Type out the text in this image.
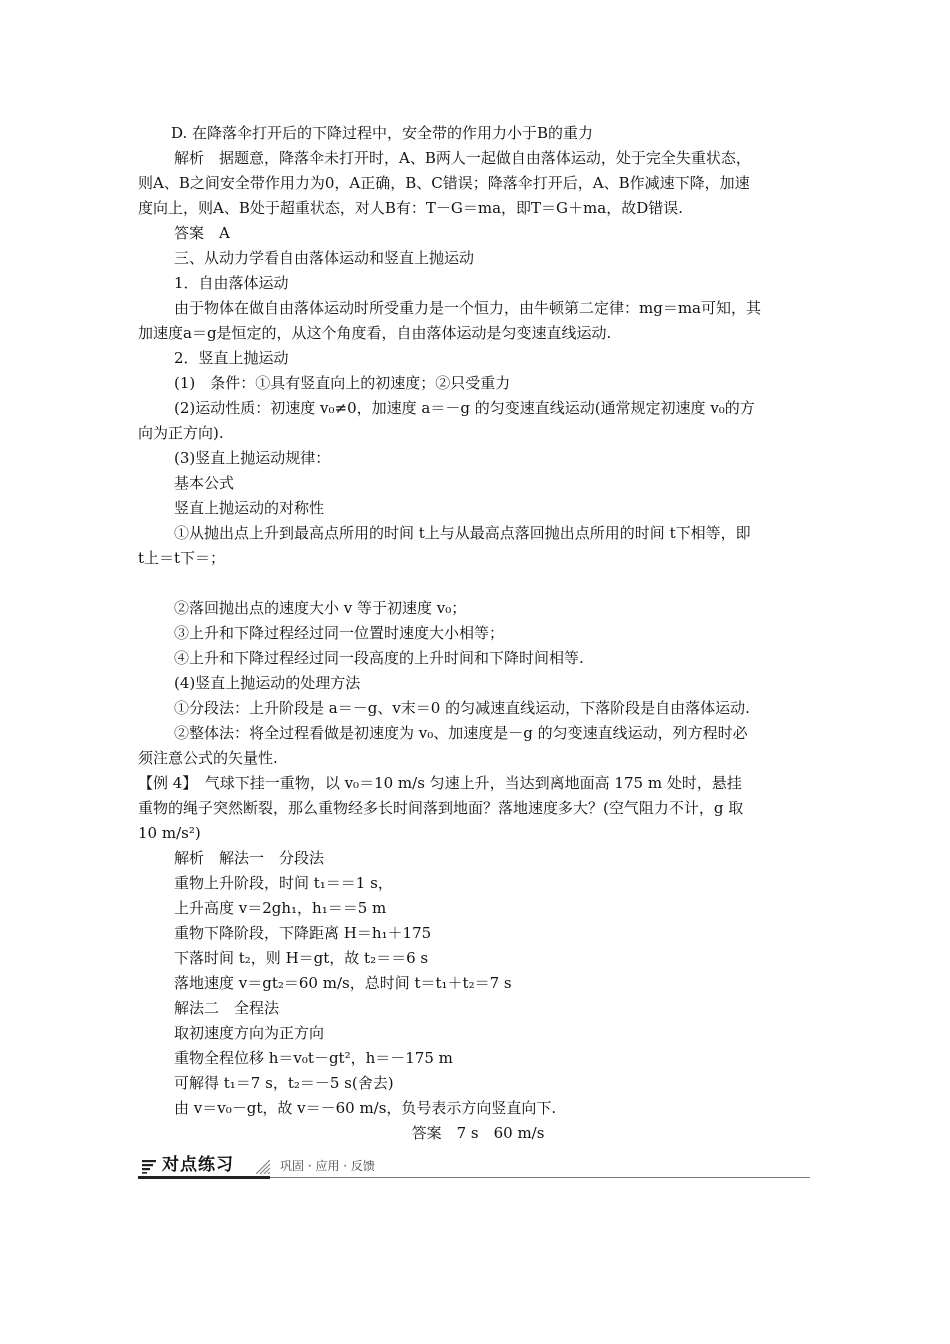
D. 在降落伞打开后的下降过程中，安全带的作用力小于B的重力
解析　据题意，降落伞未打开时，A、B两人一起做自由落体运动，处于完全失重状态，
则A、B之间安全带作用力为0，A正确，B、C错误；降落伞打开后，A、B作减速下降，加速
度向上，则A、B处于超重状态，对人B有：T－G＝ma，即T＝G＋ma，故D错误.
答案　A
三、从动力学看自由落体运动和竖直上抛运动
1．自由落体运动
由于物体在做自由落体运动时所受重力是一个恒力，由牛顿第二定律：mg＝ma可知，其
加速度a＝g是恒定的，从这个角度看，自由落体运动是匀变速直线运动.
2．竖直上抛运动
(1)　条件：①具有竖直向上的初速度；②只受重力
(2)运动性质：初速度 v₀≠0，加速度 a＝－g 的匀变速直线运动(通常规定初速度 v₀的方
向为正方向).
(3)竖直上抛运动规律：
基本公式
竖直上抛运动的对称性
①从抛出点上升到最高点所用的时间 t上与从最高点落回抛出点所用的时间 t下相等，即
t上＝t下＝；
②落回抛出点的速度大小 v 等于初速度 v₀；
③上升和下降过程经过同一位置时速度大小相等；
④上升和下降过程经过同一段高度的上升时间和下降时间相等.
(4)竖直上抛运动的处理方法
①分段法：上升阶段是 a＝－g、v末＝0 的匀减速直线运动，下落阶段是自由落体运动.
②整体法：将全过程看做是初速度为 v₀、加速度是－g 的匀变速直线运动，列方程时必
须注意公式的矢量性.
【例 4】　气球下挂一重物，以 v₀＝10 m/s 匀速上升，当达到离地面高 175 m 处时，悬挂
重物的绳子突然断裂，那么重物经多长时间落到地面？落地速度多大？(空气阻力不计，g 取
10 m/s²)
解析　解法一　分段法
重物上升阶段，时间 t₁＝＝1 s，
上升高度 v＝2gh₁，h₁＝＝5 m
重物下降阶段，下降距离 H＝h₁＋175
下落时间 t₂，则 H＝gt，故 t₂＝＝6 s
落地速度 v＝gt₂＝60 m/s，总时间 t＝t₁＋t₂＝7 s
解法二　全程法
取初速度方向为正方向
重物全程位移 h＝v₀t－gt²，h＝－175 m
可解得 t₁＝7 s，t₂＝－5 s(舍去)
由 v＝v₀－gt，故 v＝－60 m/s，负号表示方向竖直向下.
答案　7 s　60 m/s
对点练习	巩固 · 应用 · 反馈
